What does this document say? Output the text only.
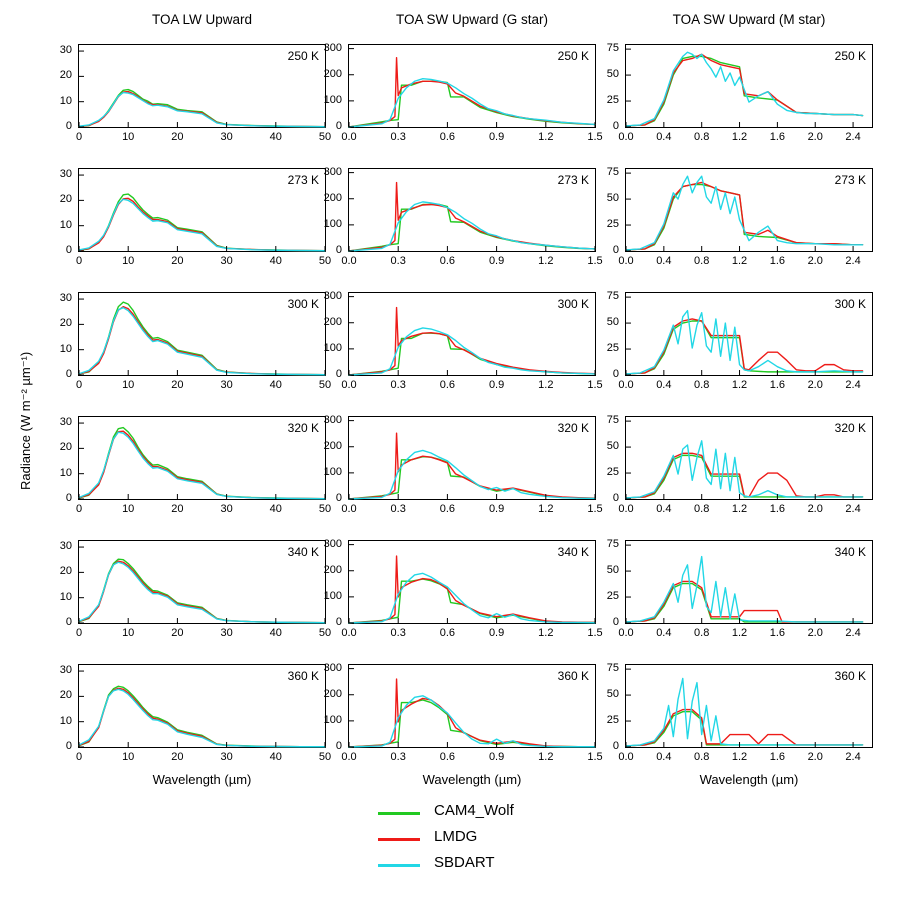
TOA LW Upward	TOA SW Upward (G star)	TOA SW Upward (M star)
Radiance (W m⁻² µm⁻¹)
250 K
0
10
20
30
0	10	20	30	40	50
273 K
0
10
20
30
0	10	20	30	40	50
300 K
0
10
20
30
0	10	20	30	40	50
320 K
0
10
20
30
0	10	20	30	40	50
340 K
0
10
20
30
0	10	20	30	40	50
360 K
0
10
20
30
0	10	20	30	40	50
Wavelength (µm)
250 K
0
100
200
300
0.0	0.3	0.6	0.9	1.2	1.5
273 K
0
100
200
300
0.0	0.3	0.6	0.9	1.2	1.5
300 K
0
100
200
300
0.0	0.3	0.6	0.9	1.2	1.5
320 K
0
100
200
300
0.0	0.3	0.6	0.9	1.2	1.5
340 K
0
100
200
300
0.0	0.3	0.6	0.9	1.2	1.5
360 K
0
100
200
300
0.0	0.3	0.6	0.9	1.2	1.5
Wavelength (µm)
250 K
0
25
50
75
0.0	0.4	0.8	1.2	1.6	2.0	2.4
273 K
0
25
50
75
0.0	0.4	0.8	1.2	1.6	2.0	2.4
300 K
0
25
50
75
0.0	0.4	0.8	1.2	1.6	2.0	2.4
320 K
0
25
50
75
0.0	0.4	0.8	1.2	1.6	2.0	2.4
340 K
0
25
50
75
0.0	0.4	0.8	1.2	1.6	2.0	2.4
360 K
0
25
50
75
0.0	0.4	0.8	1.2	1.6	2.0	2.4
Wavelength (µm)
CAM4_Wolf
LMDG
SBDART
